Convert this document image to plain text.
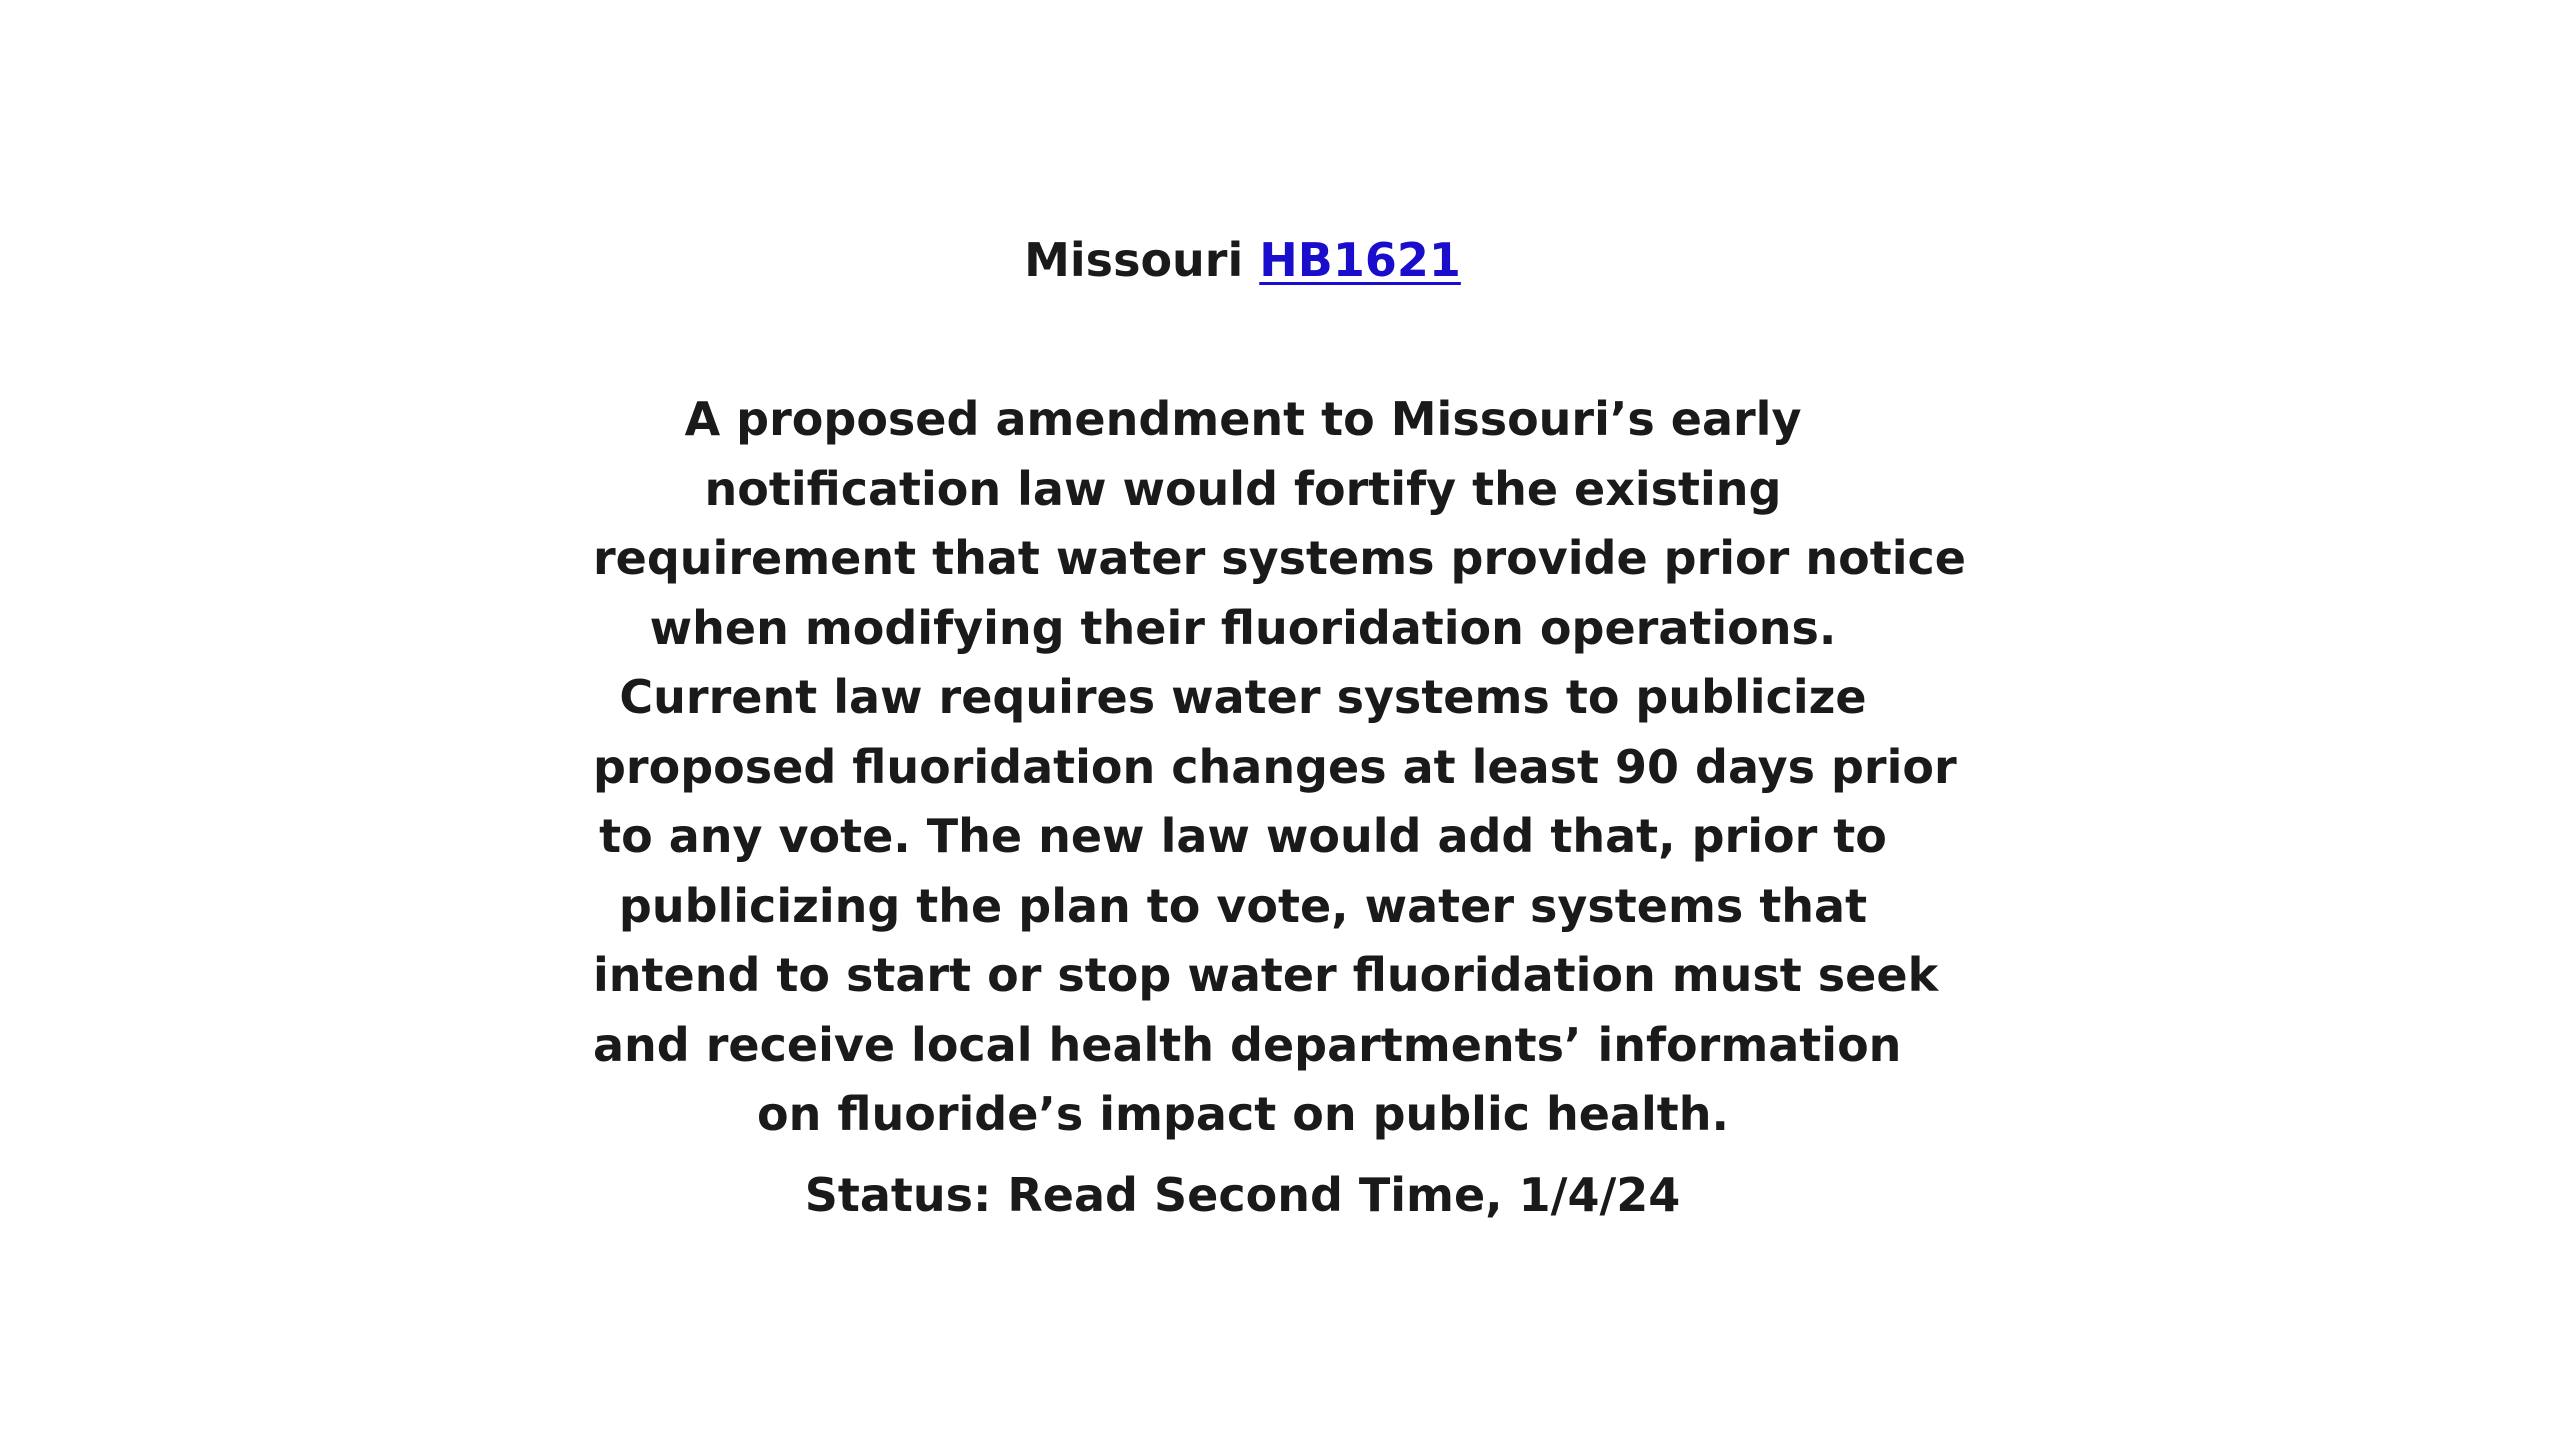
Missouri HB1621
A proposed amendment to Missouri’s early
notification law would fortify the existing
requirement that water systems provide prior notice
when modifying their fluoridation operations.
Current law requires water systems to publicize
proposed fluoridation changes at least 90 days prior
to any vote. The new law would add that, prior to
publicizing the plan to vote, water systems that
intend to start or stop water fluoridation must seek
and receive local health departments’ information
on fluoride’s impact on public health.
Status: Read Second Time, 1/4/24
